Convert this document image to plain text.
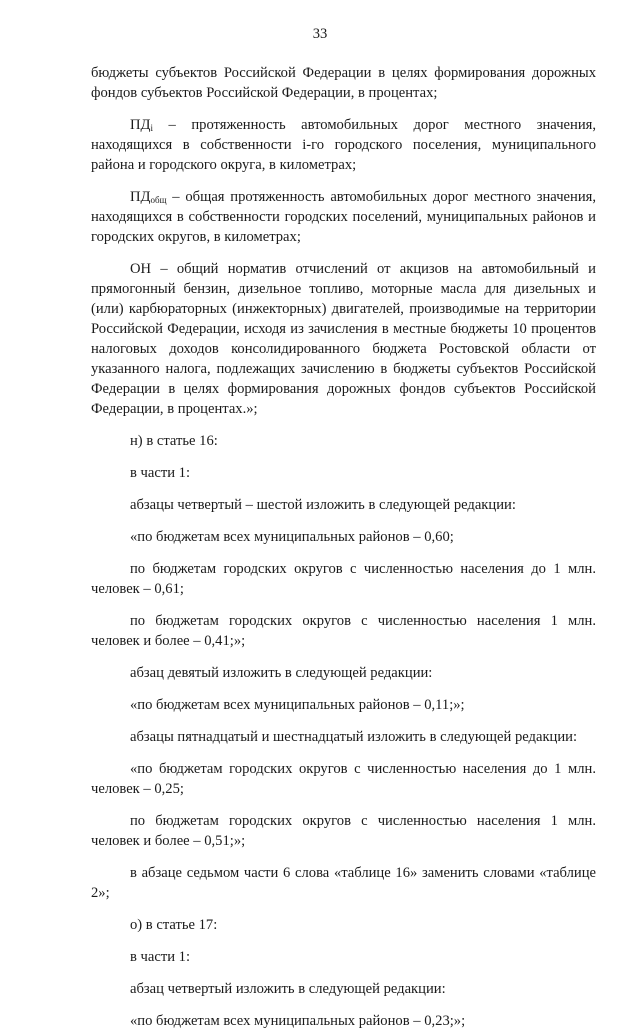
33

бюджеты субъектов Российской Федерации в целях формирования дорожных фондов субъектов Российской Федерации, в процентах;

$ПД_i$ – протяженность автомобильных дорог местного значения, находящихся в собственности i-го городского поселения, муниципального района и городского округа, в километрах;

$ПД_{общ}$ – общая протяженность автомобильных дорог местного значения, находящихся в собственности городских поселений, муниципальных районов и городских округов, в километрах;

ОН – общий норматив отчислений от акцизов на автомобильный и прямогонный бензин, дизельное топливо, моторные масла для дизельных и (или) карбюраторных (инжекторных) двигателей, производимые на территории Российской Федерации, исходя из зачисления в местные бюджеты 10 процентов налоговых доходов консолидированного бюджета Ростовской области от указанного налога, подлежащих зачислению в бюджеты субъектов Российской Федерации в целях формирования дорожных фондов субъектов Российской Федерации, в процентах.»;

н) в статье 16:

в части 1:

абзацы четвертый – шестой изложить в следующей редакции:

«по бюджетам всех муниципальных районов – 0,60;

по бюджетам городских округов с численностью населения до 1 млн. человек – 0,61;

по бюджетам городских округов с численностью населения 1 млн. человек и более – 0,41;»;

абзац девятый изложить в следующей редакции:

«по бюджетам всех муниципальных районов – 0,11;»;

абзацы пятнадцатый и шестнадцатый изложить в следующей редакции:

«по бюджетам городских округов с численностью населения до 1 млн. человек – 0,25;

по бюджетам городских округов с численностью населения 1 млн. человек и более – 0,51;»;

в абзаце седьмом части 6 слова «таблице 16» заменить словами «таблице 2»;

о) в статье 17:

в части 1:

абзац четвертый изложить в следующей редакции:

«по бюджетам всех муниципальных районов – 0,23;»;
